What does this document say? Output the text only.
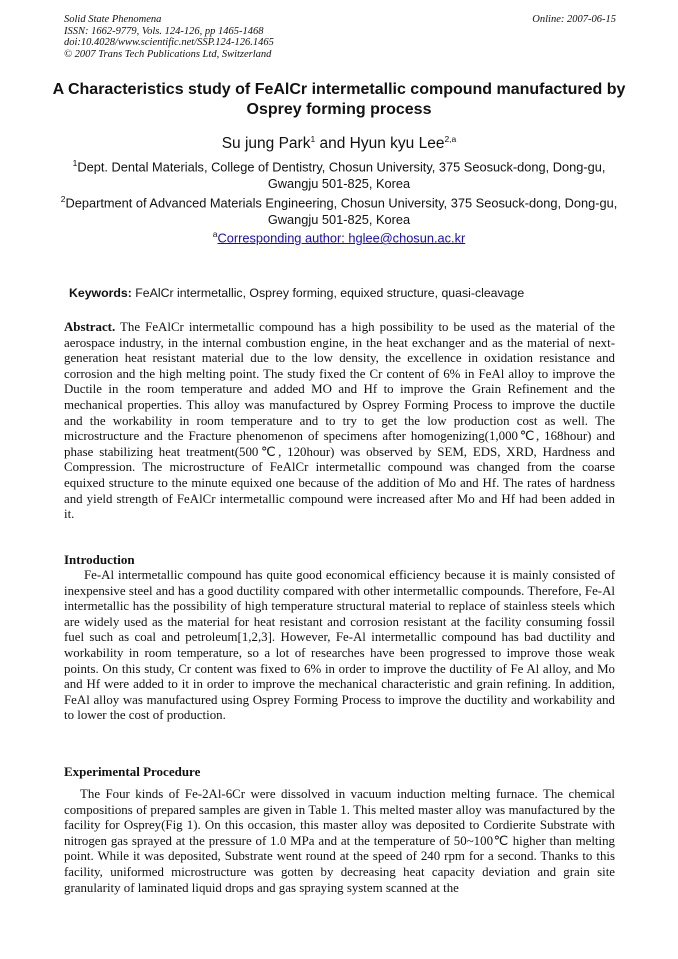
Solid State Phenomena
ISSN: 1662-9779, Vols. 124-126, pp 1465-1468
doi:10.4028/www.scientific.net/SSP.124-126.1465
© 2007 Trans Tech Publications Ltd, Switzerland
Online: 2007-06-15
A Characteristics study of FeAlCr intermetallic compound manufactured by Osprey forming process
Su jung Park$^1$ and Hyun kyu Lee$^{2,a}$
$^1$Dept. Dental Materials, College of Dentistry, Chosun University, 375 Seosuck-dong, Dong-gu, Gwangju 501-825, Korea
$^2$Department of Advanced Materials Engineering, Chosun University, 375 Seosuck-dong, Dong-gu, Gwangju 501-825, Korea
$^a$Corresponding author: hglee@chosun.ac.kr
Keywords: FeAlCr intermetallic, Osprey forming, equixed structure, quasi-cleavage
Abstract. The FeAlCr intermetallic compound has a high possibility to be used as the material of the aerospace industry, in the internal combustion engine, in the heat exchanger and as the material of next-generation heat resistant material due to the low density, the excellence in oxidation resistance and corrosion and the high melting point. The study fixed the Cr content of 6% in FeAl alloy to improve the Ductile in the room temperature and added MO and Hf to improve the Grain Refinement and the mechanical properties. This alloy was manufactured by Osprey Forming Process to improve the ductile and the workability in room temperature and to try to get the low production cost as well. The microstructure and the Fracture phenomenon of specimens after homogenizing(1,000℃, 168hour) and phase stabilizing heat treatment(500℃, 120hour) was observed by SEM, EDS, XRD, Hardness and Compression. The microstructure of FeAlCr intermetallic compound was changed from the coarse equixed structure to the minute equixed one because of the addition of Mo and Hf. The rates of hardness and yield strength of FeAlCr intermetallic compound were increased after Mo and Hf had been added in it.
Introduction
Fe-Al intermetallic compound has quite good economical efficiency because it is mainly consisted of inexpensive steel and has a good ductility compared with other intermetallic compounds. Therefore, Fe-Al intermetallic has the possibility of high temperature structural material to replace of stainless steels which are widely used as the material for heat resistant and corrosion resistant at the facility consuming fossil fuel such as coal and petroleum[1,2,3]. However, Fe-Al intermetallic compound has bad ductility and workability in room temperature, so a lot of researches have been progressed to improve those weak points. On this study, Cr content was fixed to 6% in order to improve the ductility of Fe Al alloy, and Mo and Hf were added to it in order to improve the mechanical characteristic and grain refining. In addition, FeAl alloy was manufactured using Osprey Forming Process to improve the ductility and workability and to lower the cost of production.
Experimental Procedure
The Four kinds of Fe-2Al-6Cr were dissolved in vacuum induction melting furnace. The chemical compositions of prepared samples are given in Table 1. This melted master alloy was manufactured by the facility for Osprey(Fig 1). On this occasion, this master alloy was deposited to Cordierite Substrate with nitrogen gas sprayed at the pressure of 1.0 MPa and at the temperature of 50~100℃ higher than melting point. While it was deposited, Substrate went round at the speed of 240 rpm for a second. Thanks to this facility, uniformed microstructure was gotten by decreasing heat capacity deviation and grain site granularity of laminated liquid drops and gas spraying system scanned at the
